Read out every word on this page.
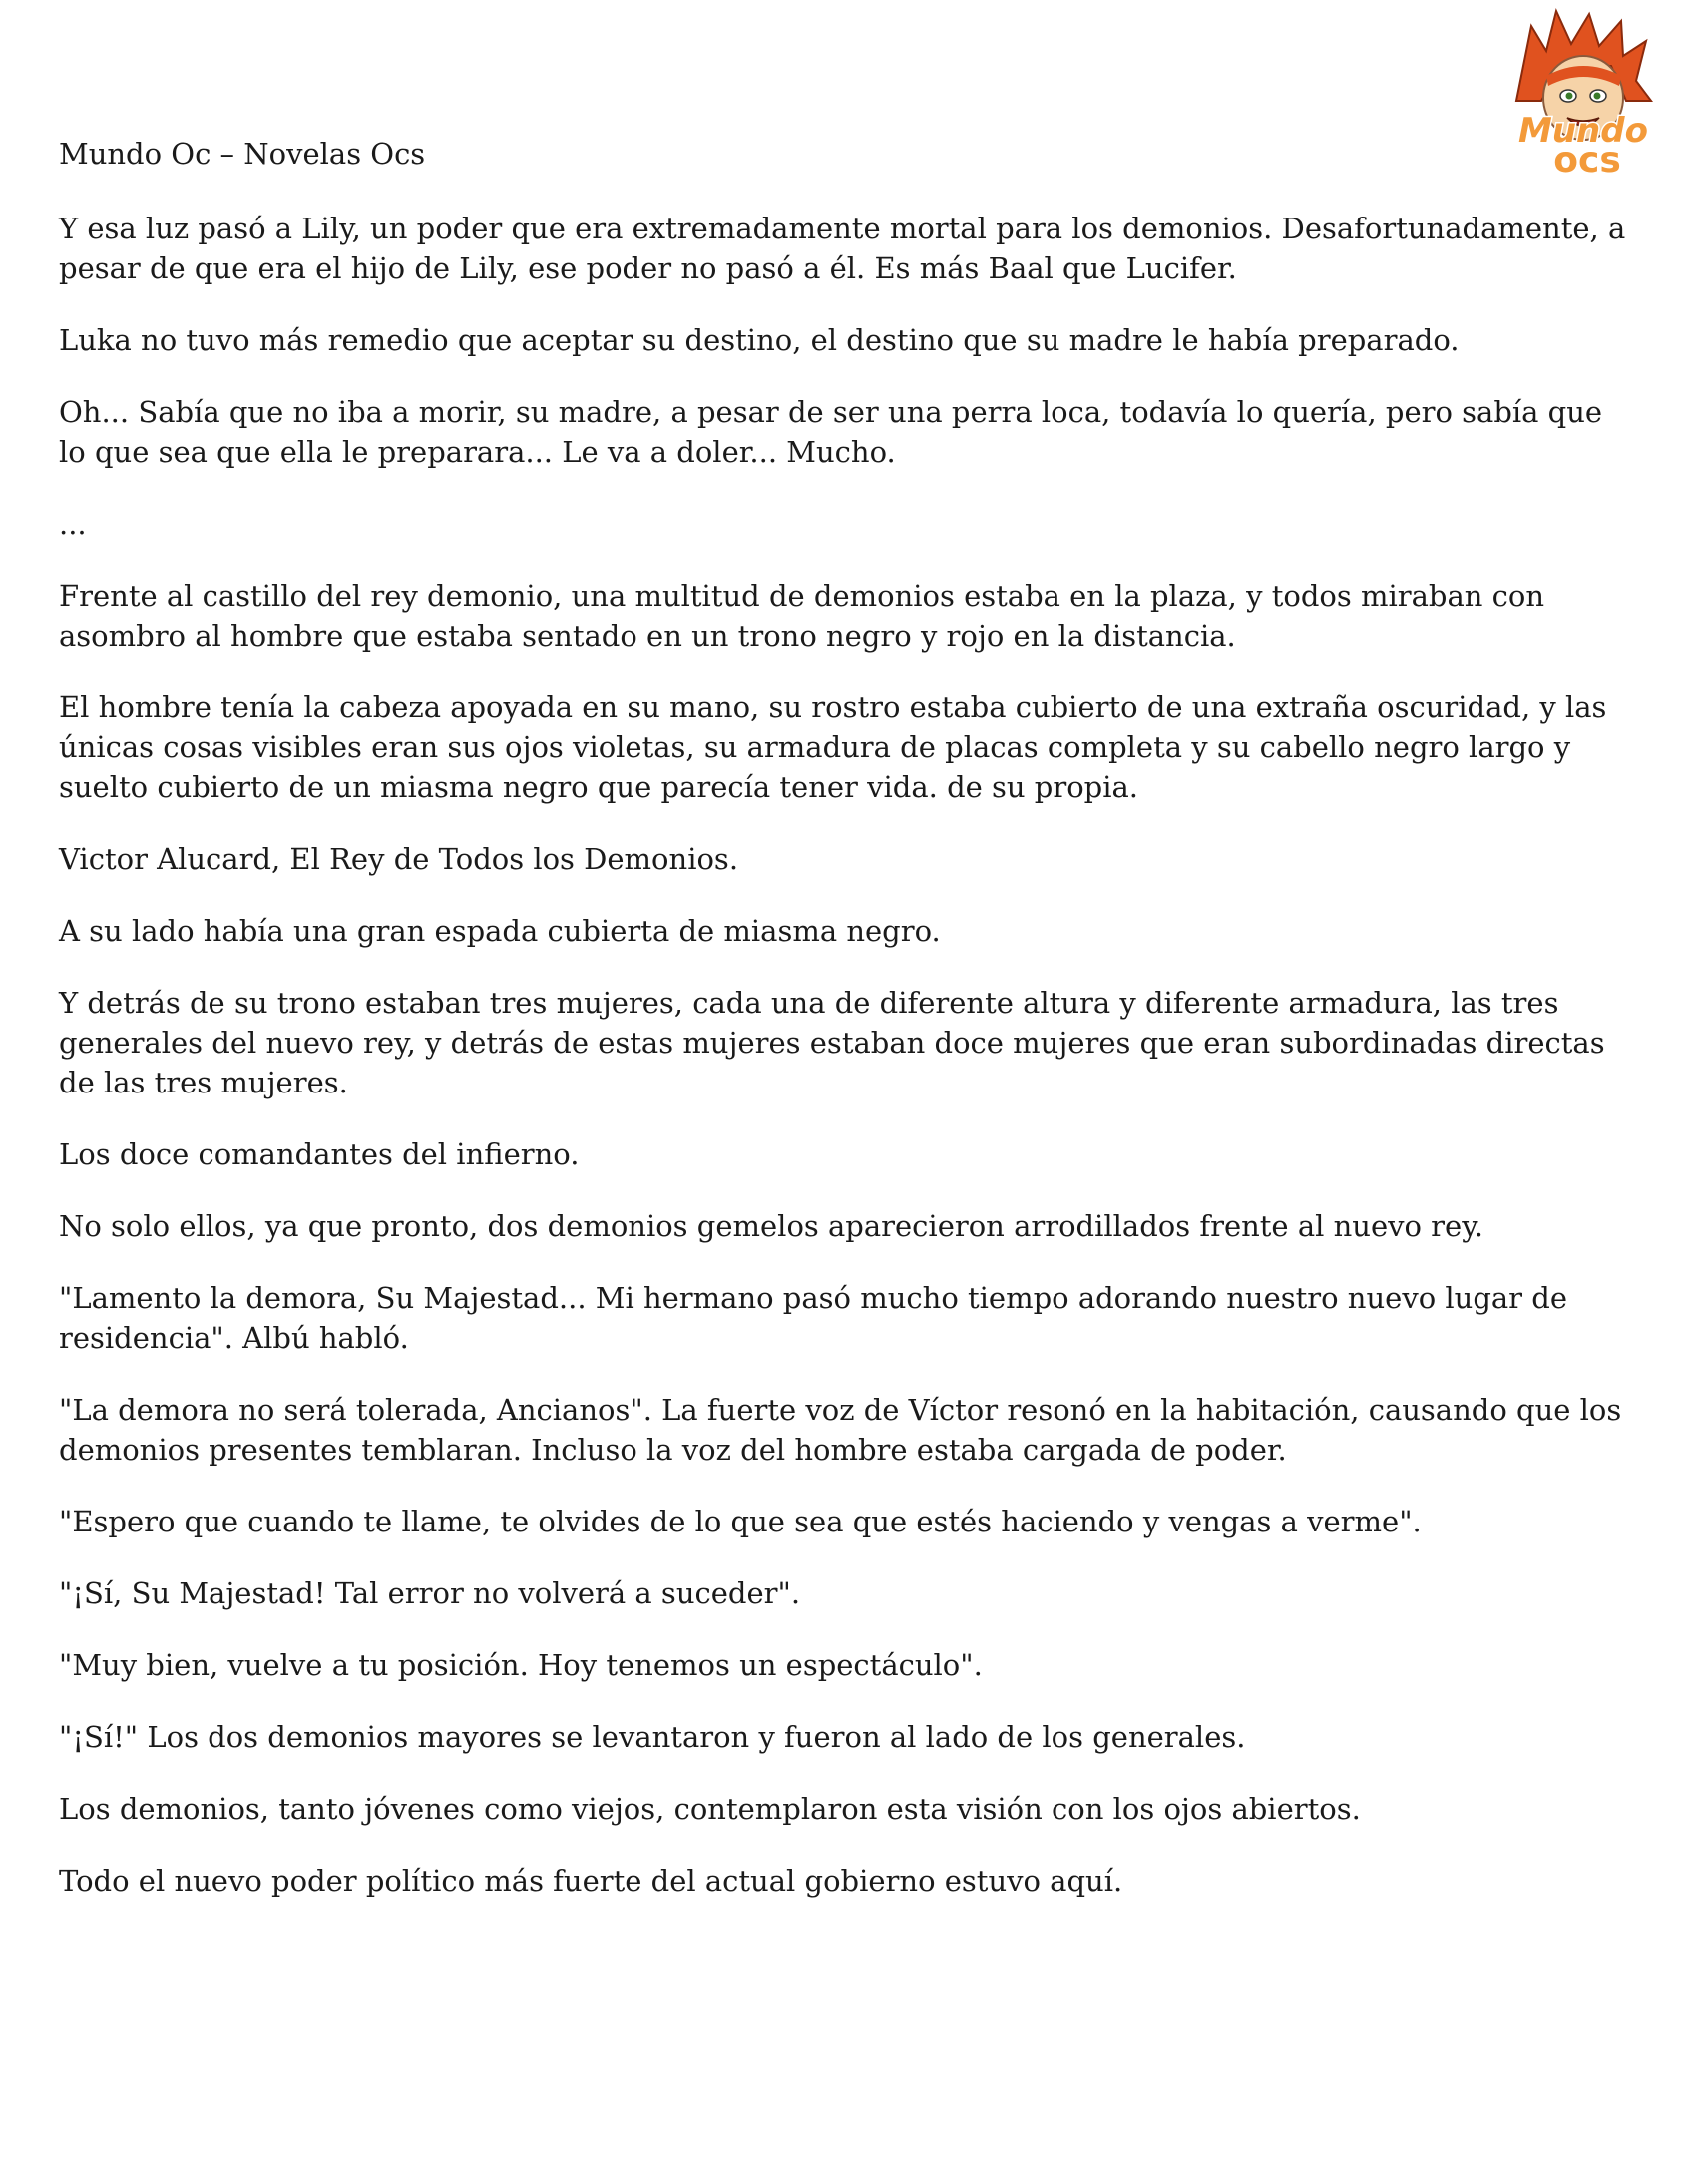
Mundo Oc – Novelas Ocs

Mundo
ocs

Y esa luz pasó a Lily, un poder que era extremadamente mortal para los demonios. Desafortunadamente, a pesar de que era el hijo de Lily, ese poder no pasó a él. Es más Baal que Lucifer.

Luka no tuvo más remedio que aceptar su destino, el destino que su madre le había preparado.

Oh... Sabía que no iba a morir, su madre, a pesar de ser una perra loca, todavía lo quería, pero sabía que lo que sea que ella le preparara... Le va a doler... Mucho.

...

Frente al castillo del rey demonio, una multitud de demonios estaba en la plaza, y todos miraban con asombro al hombre que estaba sentado en un trono negro y rojo en la distancia.

El hombre tenía la cabeza apoyada en su mano, su rostro estaba cubierto de una extraña oscuridad, y las únicas cosas visibles eran sus ojos violetas, su armadura de placas completa y su cabello negro largo y suelto cubierto de un miasma negro que parecía tener vida. de su propia.

Victor Alucard, El Rey de Todos los Demonios.

A su lado había una gran espada cubierta de miasma negro.

Y detrás de su trono estaban tres mujeres, cada una de diferente altura y diferente armadura, las tres generales del nuevo rey, y detrás de estas mujeres estaban doce mujeres que eran subordinadas directas de las tres mujeres.

Los doce comandantes del infierno.

No solo ellos, ya que pronto, dos demonios gemelos aparecieron arrodillados frente al nuevo rey.

"Lamento la demora, Su Majestad... Mi hermano pasó mucho tiempo adorando nuestro nuevo lugar de residencia". Albú habló.

"La demora no será tolerada, Ancianos". La fuerte voz de Víctor resonó en la habitación, causando que los demonios presentes temblaran. Incluso la voz del hombre estaba cargada de poder.

"Espero que cuando te llame, te olvides de lo que sea que estés haciendo y vengas a verme".

"¡Sí, Su Majestad! Tal error no volverá a suceder".

"Muy bien, vuelve a tu posición. Hoy tenemos un espectáculo".

"¡Sí!" Los dos demonios mayores se levantaron y fueron al lado de los generales.

Los demonios, tanto jóvenes como viejos, contemplaron esta visión con los ojos abiertos.

Todo el nuevo poder político más fuerte del actual gobierno estuvo aquí.
